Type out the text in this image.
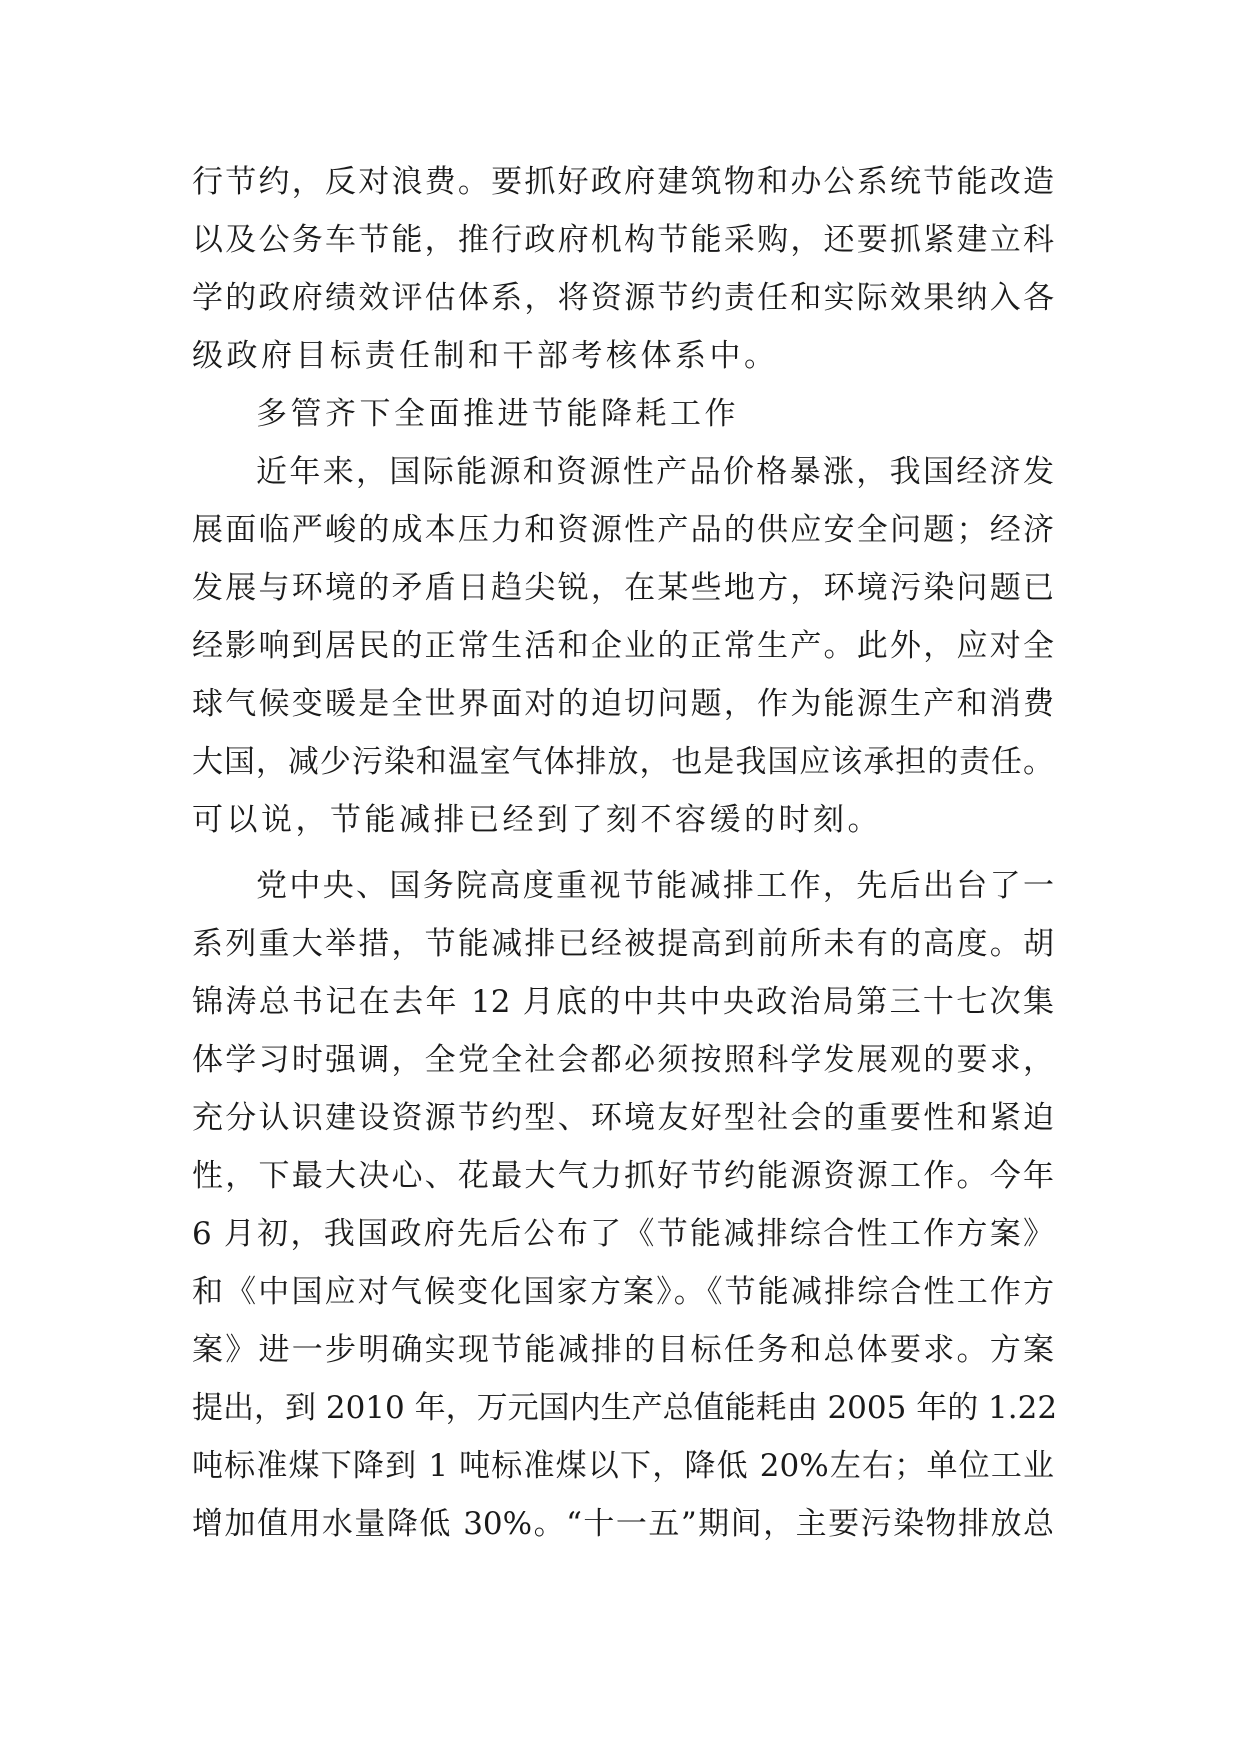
行节约，反对浪费。要抓好政府建筑物和办公系统节能改造
以及公务车节能，推行政府机构节能采购，还要抓紧建立科
学的政府绩效评估体系，将资源节约责任和实际效果纳入各
级政府目标责任制和干部考核体系中。
多管齐下全面推进节能降耗工作
近年来，国际能源和资源性产品价格暴涨，我国经济发
展面临严峻的成本压力和资源性产品的供应安全问题；经济
发展与环境的矛盾日趋尖锐，在某些地方，环境污染问题已
经影响到居民的正常生活和企业的正常生产。此外，应对全
球气候变暖是全世界面对的迫切问题，作为能源生产和消费
大国，减少污染和温室气体排放，也是我国应该承担的责任。
可以说，节能减排已经到了刻不容缓的时刻。
党中央、国务院高度重视节能减排工作，先后出台了一
系列重大举措，节能减排已经被提高到前所未有的高度。胡
锦涛总书记在去年 12 月底的中共中央政治局第三十七次集
体学习时强调，全党全社会都必须按照科学发展观的要求，
充分认识建设资源节约型、环境友好型社会的重要性和紧迫
性，下最大决心、花最大气力抓好节约能源资源工作。今年
6 月初，我国政府先后公布了《节能减排综合性工作方案》
和《中国应对气候变化国家方案》。《节能减排综合性工作方
案》进一步明确实现节能减排的目标任务和总体要求。方案
提出，到 2010 年，万元国内生产总值能耗由 2005 年的 1.22
吨标准煤下降到 1 吨标准煤以下，降低 20%左右；单位工业
增加值用水量降低 30%。“十一五”期间，主要污染物排放总
